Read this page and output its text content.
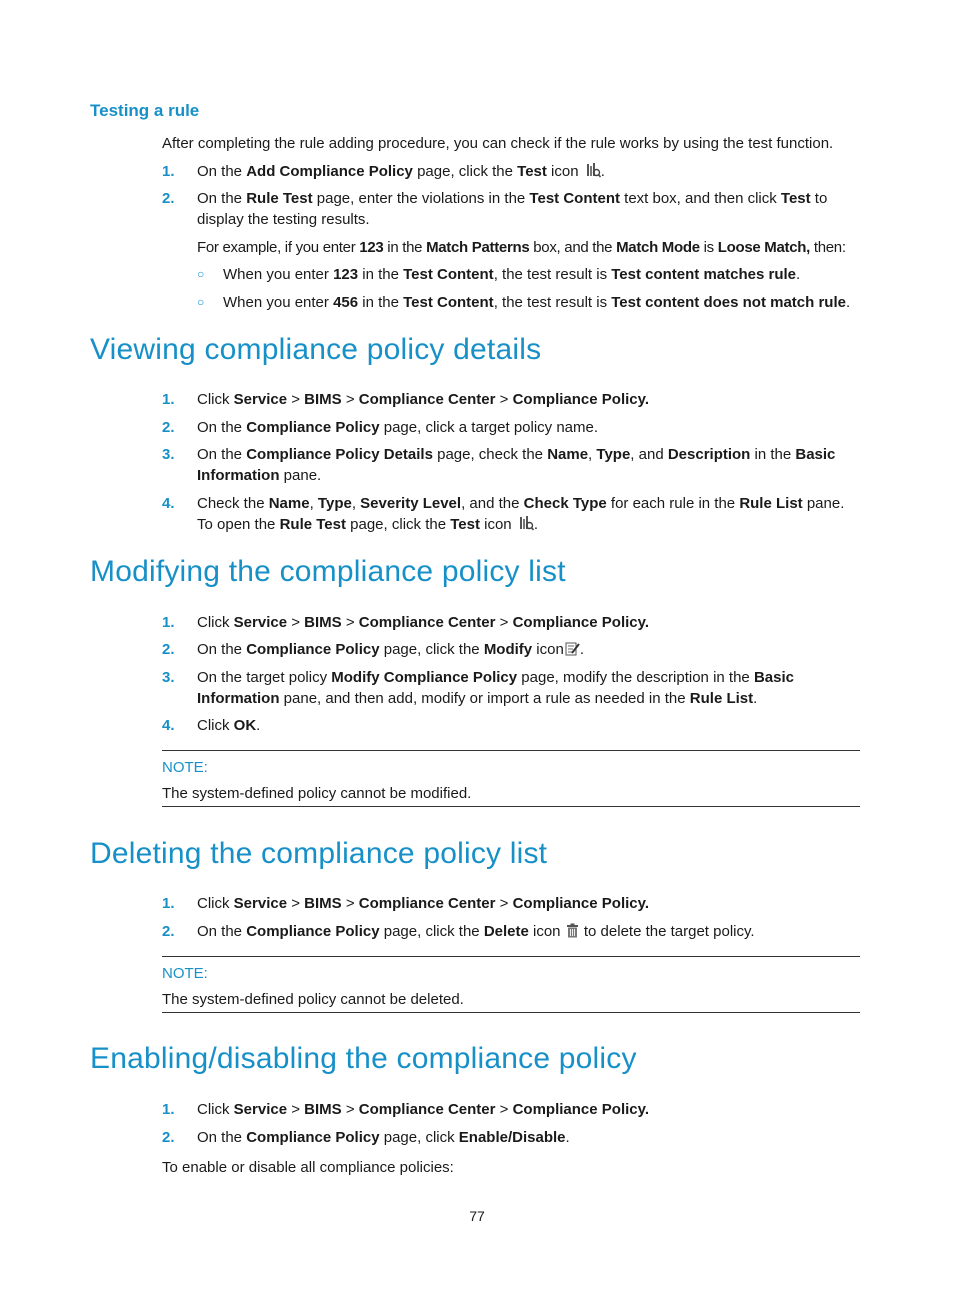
Testing a rule
After completing the rule adding procedure, you can check if the rule works by using the test function.
1. On the Add Compliance Policy page, click the Test icon .
2. On the Rule Test page, enter the violations in the Test Content text box, and then click Test to display the testing results.
For example, if you enter 123 in the Match Patterns box, and the Match Mode is Loose Match, then:
○ When you enter 123 in the Test Content, the test result is Test content matches rule.
○ When you enter 456 in the Test Content, the test result is Test content does not match rule.
Viewing compliance policy details
1. Click Service > BIMS > Compliance Center > Compliance Policy.
2. On the Compliance Policy page, click a target policy name.
3. On the Compliance Policy Details page, check the Name, Type, and Description in the Basic Information pane.
4. Check the Name, Type, Severity Level, and the Check Type for each rule in the Rule List pane. To open the Rule Test page, click the Test icon .
Modifying the compliance policy list
1. Click Service > BIMS > Compliance Center > Compliance Policy.
2. On the Compliance Policy page, click the Modify icon .
3. On the target policy Modify Compliance Policy page, modify the description in the Basic Information pane, and then add, modify or import a rule as needed in the Rule List.
4. Click OK.
NOTE:
The system-defined policy cannot be modified.
Deleting the compliance policy list
1. Click Service > BIMS > Compliance Center > Compliance Policy.
2. On the Compliance Policy page, click the Delete icon  to delete the target policy.
NOTE:
The system-defined policy cannot be deleted.
Enabling/disabling the compliance policy
1. Click Service > BIMS > Compliance Center > Compliance Policy.
2. On the Compliance Policy page, click Enable/Disable.
To enable or disable all compliance policies:
77
